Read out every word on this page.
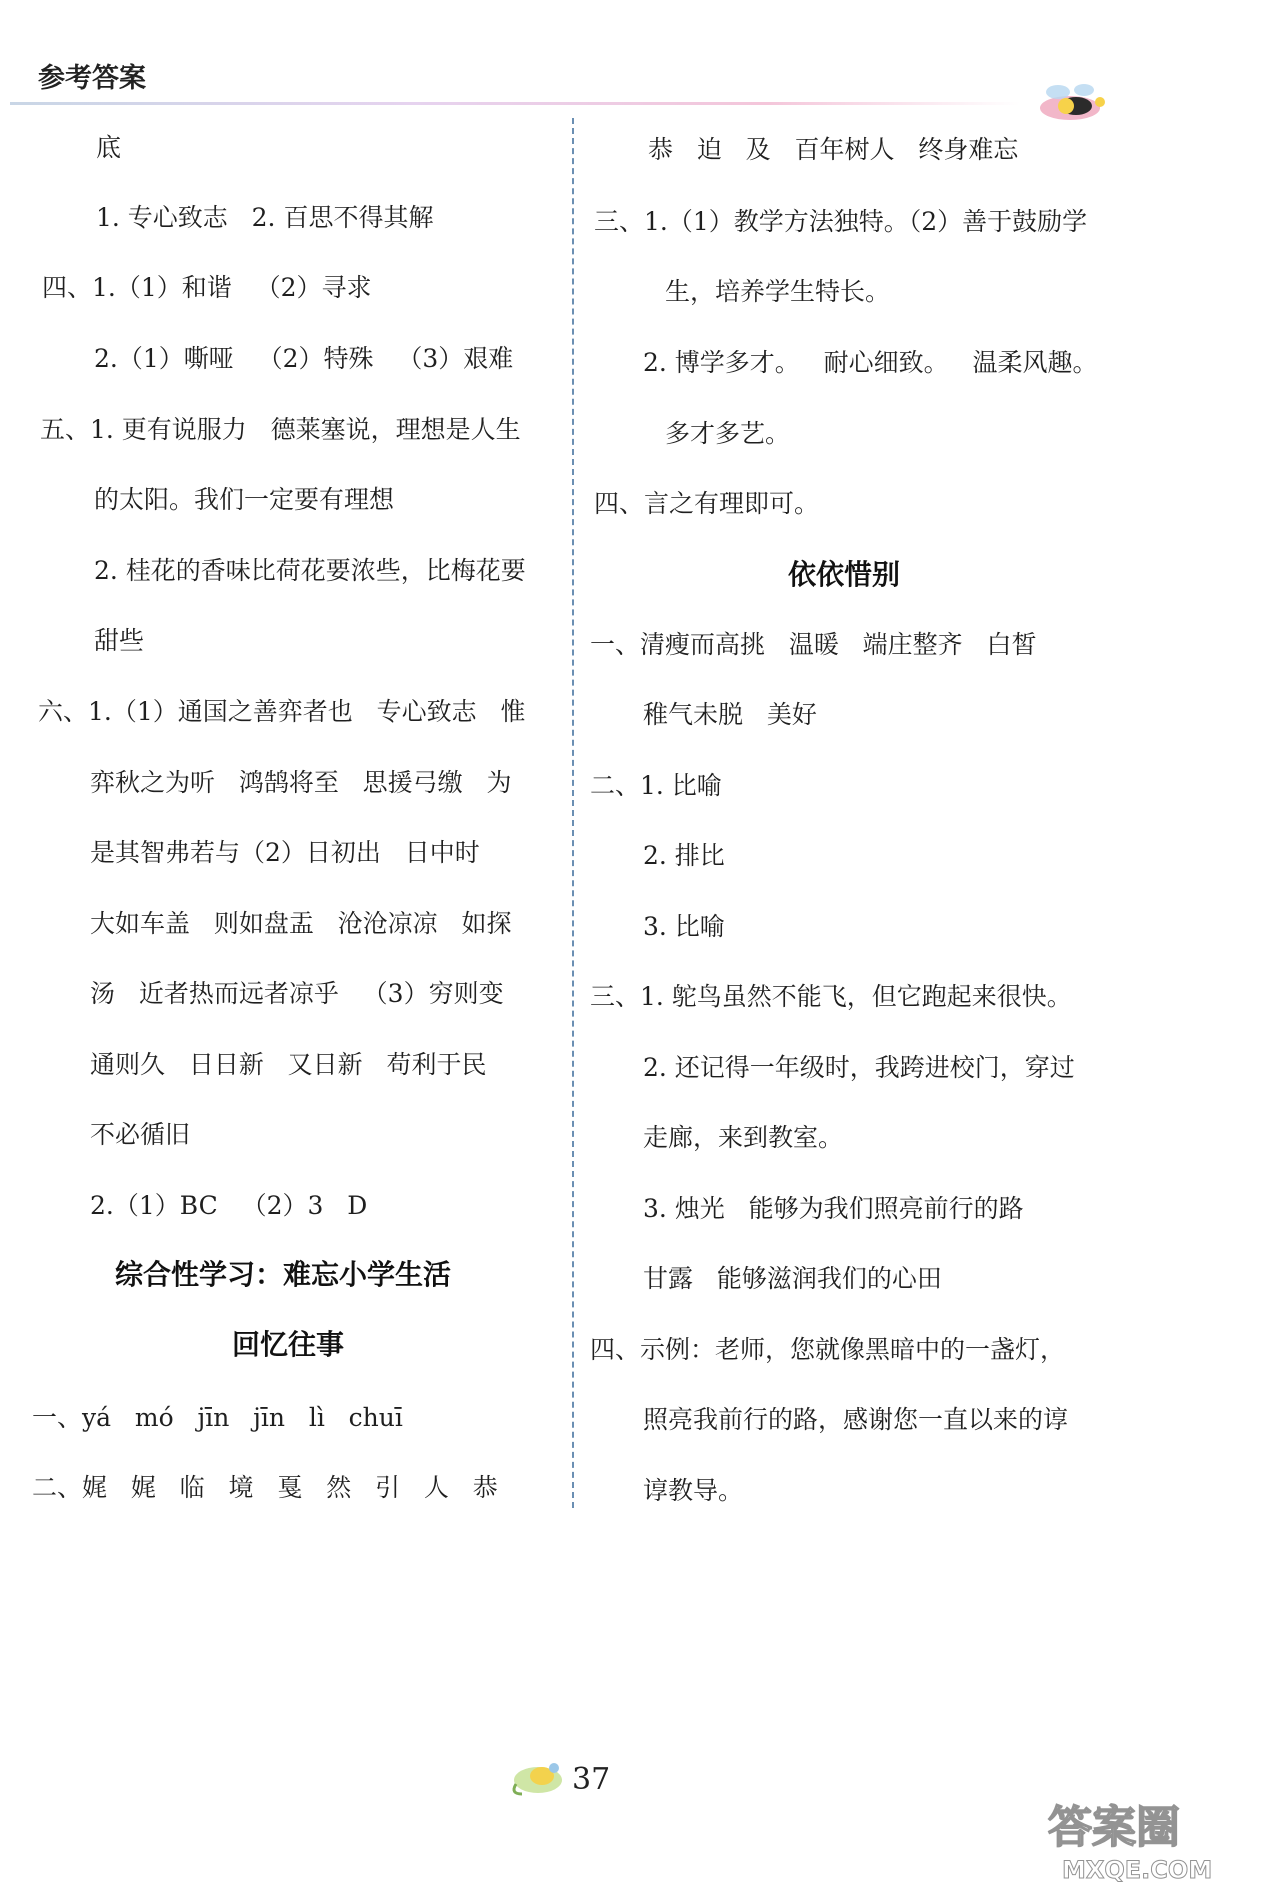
参考答案
底
1. 专心致志   2. 百思不得其解
四、1.（1）和谐   （2）寻求
2.（1）嘶哑   （2）特殊   （3）艰难
五、1. 更有说服力   德莱塞说，理想是人生
的太阳。我们一定要有理想
2. 桂花的香味比荷花要浓些，比梅花要
甜些
六、1.（1）通国之善弈者也   专心致志   惟
弈秋之为听   鸿鹄将至   思援弓缴   为
是其智弗若与（2）日初出   日中时
大如车盖   则如盘盂   沧沧凉凉   如探
汤   近者热而远者凉乎   （3）穷则变
通则久   日日新   又日新   苟利于民
不必循旧
2.（1）BC   （2）3   D
综合性学习：难忘小学生活
回忆往事
一、yá   mó   jīn   jīn   lì   chuī
二、娓   娓   临   境   戛   然   引   人   恭
恭   迫   及   百年树人   终身难忘
三、1.（1）教学方法独特。（2）善于鼓励学
生，培养学生特长。
2. 博学多才。   耐心细致。   温柔风趣。
多才多艺。
四、言之有理即可。
依依惜别
一、清瘦而高挑   温暖   端庄整齐   白皙
稚气未脱   美好
二、1. 比喻
2. 排比
3. 比喻
三、1. 鸵鸟虽然不能飞，但它跑起来很快。
2. 还记得一年级时，我跨进校门，穿过
走廊，来到教室。
3. 烛光   能够为我们照亮前行的路
甘露   能够滋润我们的心田
四、示例：老师，您就像黑暗中的一盏灯，
照亮我前行的路，感谢您一直以来的谆
谆教导。
37
答案圈
MXQE.COM
